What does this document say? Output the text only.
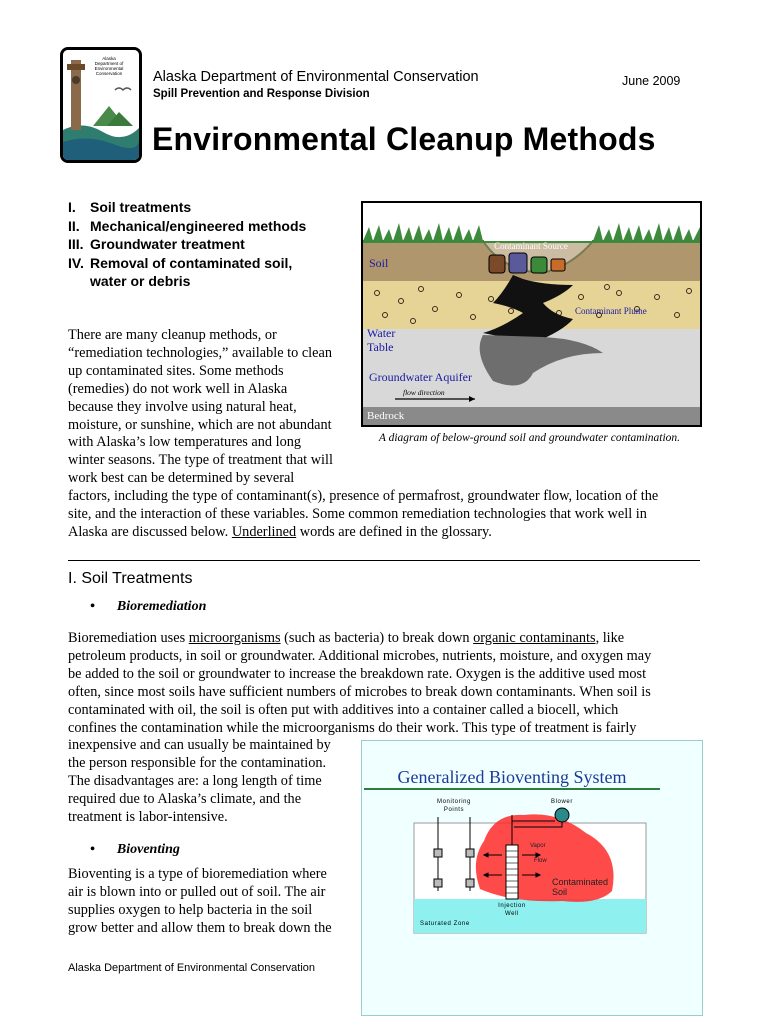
Alaska
Department of
Environmental
Conservation Alaska Department of Environmental Conservation
Spill Prevention and Response Division
June 2009
Environmental Cleanup Methods
I. Soil treatments
II. Mechanical/engineered methods
III. Groundwater treatment
IV. Removal of contaminated soil,
water or debris
There are many cleanup methods, or
“remediation technologies,” available to clean
up contaminated sites. Some methods
(remedies) do not work well in Alaska
because they involve using natural heat,
moisture, or sunshine, which are not abundant
with Alaska’s low temperatures and long
winter seasons. The type of treatment that will
work best can be determined by several
factors, including the type of contaminant(s), presence of permafrost, groundwater flow, location of the
site, and the interaction of these variables. Some common remediation technologies that work well in
Alaska are discussed below. Underlined words are defined in the glossary.
Contaminant Source
Soil
Contaminant Plume
Water
Table
Groundwater Aquifer
flow direction
Bedrock
A diagram of below-ground soil and groundwater contamination.
I. Soil Treatments
• Bioremediation
Bioremediation uses microorganisms (such as bacteria) to break down organic contaminants, like
petroleum products, in soil or groundwater. Additional microbes, nutrients, moisture, and oxygen may
be added to the soil or groundwater to increase the breakdown rate. Oxygen is the additive used most
often, since most soils have sufficient numbers of microbes to break down contaminants. When soil is
contaminated with oil, the soil is often put with additives into a container called a biocell, which
confines the contamination while the microorganisms do their work. This type of treatment is fairly
inexpensive and can usually be maintained by
the person responsible for the contamination.
The disadvantages are: a long length of time
required due to Alaska’s climate, and the
treatment is labor-intensive.
• Bioventing
Bioventing is a type of bioremediation where
air is blown into or pulled out of soil. The air
supplies oxygen to help bacteria in the soil
grow better and allow them to break down the
Generalized Bioventing System
Saturated Zone
Contaminated
Soil
Vapor
Flow
Monitoring
Points
Blower
Injection
Well
Alaska Department of Environmental Conservation
